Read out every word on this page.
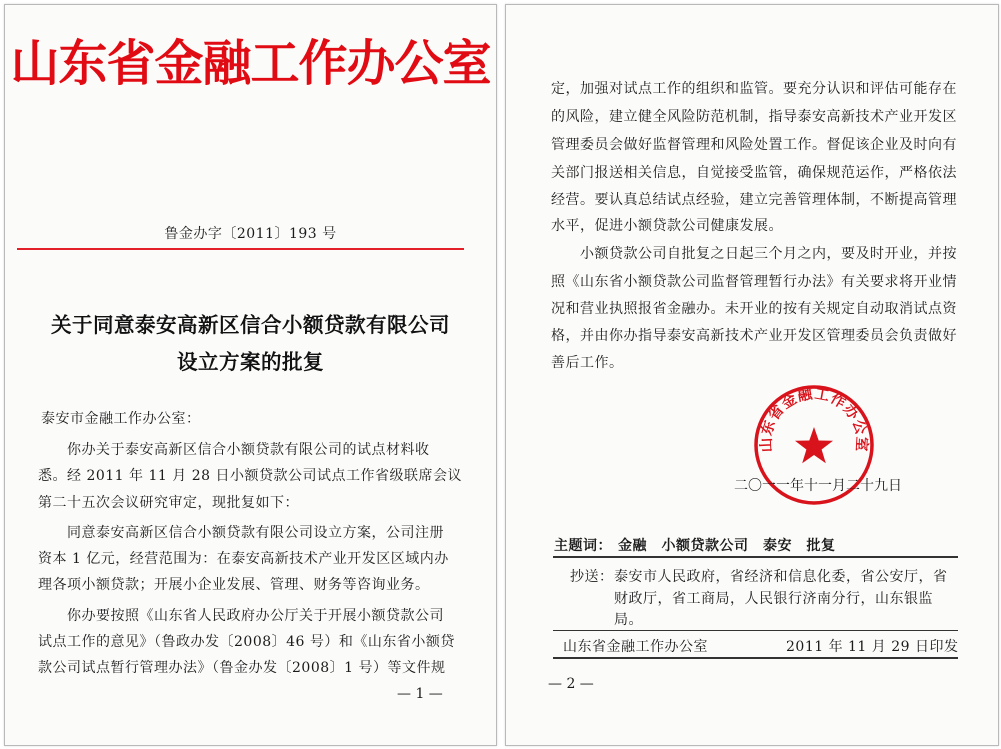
山东省金融工作办公室
鲁金办字〔2011〕193 号
关于同意泰安高新区信合小额贷款有限公司
设立方案的批复
泰安市金融工作办公室：
你办关于泰安高新区信合小额贷款有限公司的试点材料收
悉。经 2011 年 11 月 28 日小额贷款公司试点工作省级联席会议
第二十五次会议研究审定，现批复如下：
同意泰安高新区信合小额贷款有限公司设立方案，公司注册
资本 1 亿元，经营范围为：在泰安高新技术产业开发区区域内办
理各项小额贷款；开展小企业发展、管理、财务等咨询业务。
你办要按照《山东省人民政府办公厅关于开展小额贷款公司
试点工作的意见》（鲁政办发〔2008〕46 号）和《山东省小额贷
款公司试点暂行管理办法》（鲁金办发〔2008〕1 号）等文件规
— 1 —
定，加强对试点工作的组织和监管。要充分认识和评估可能存在
的风险，建立健全风险防范机制，指导泰安高新技术产业开发区
管理委员会做好监督管理和风险处置工作。督促该企业及时向有
关部门报送相关信息，自觉接受监管，确保规范运作，严格依法
经营。要认真总结试点经验，建立完善管理体制，不断提高管理
水平，促进小额贷款公司健康发展。
小额贷款公司自批复之日起三个月之内，要及时开业，并按
照《山东省小额贷款公司监督管理暂行办法》有关要求将开业情
况和营业执照报省金融办。未开业的按有关规定自动取消试点资
格，并由你办指导泰安高新技术产业开发区管理委员会负责做好
善后工作。
山东省金融工作办公室
二〇一一年十一月二十九日
主题词： 金融　小额贷款公司　泰安　批复
抄送： 泰安市人民政府，省经济和信息化委，省公安厅，省
财政厅，省工商局，人民银行济南分行，山东银监
局。
山东省金融工作办公室	2011 年 11 月 29 日印发
— 2 —
